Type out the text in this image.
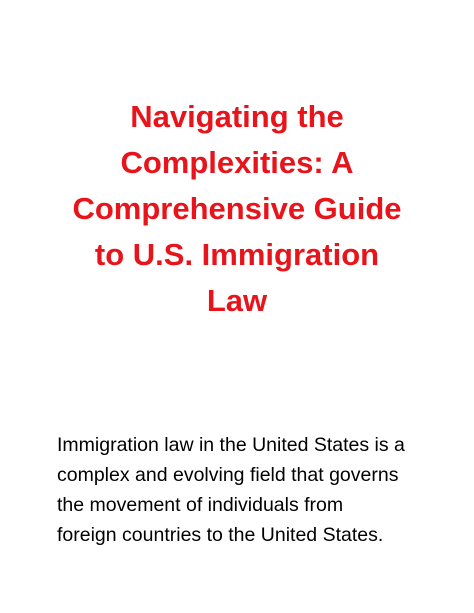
Navigating the
Complexities: A
Comprehensive Guide
to U.S. Immigration
Law

Immigration law in the United States is a
complex and evolving field that governs
the movement of individuals from
foreign countries to the United States.
